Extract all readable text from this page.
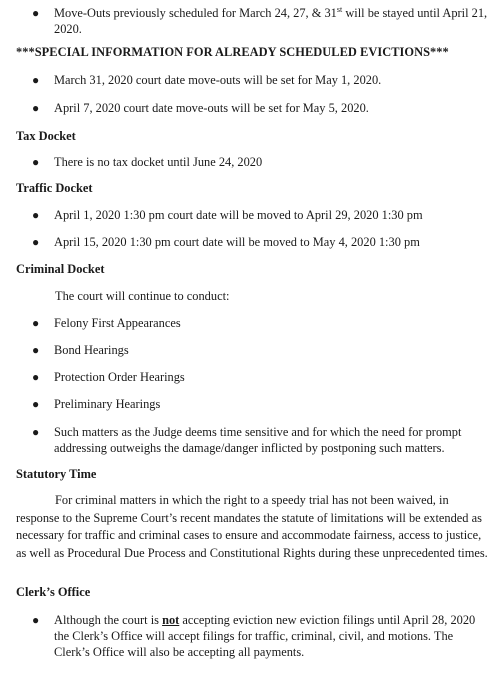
● Move-Outs previously scheduled for March 24, 27, & 31st will be stayed until April 21, 2020.

***SPECIAL INFORMATION FOR ALREADY SCHEDULED EVICTIONS***

● March 31, 2020 court date move-outs will be set for May 1, 2020.
● April 7, 2020 court date move-outs will be set for May 5, 2020.

Tax Docket

● There is no tax docket until June 24, 2020

Traffic Docket

● April 1, 2020 1:30 pm court date will be moved to April 29, 2020 1:30 pm
● April 15, 2020 1:30 pm court date will be moved to May 4, 2020 1:30 pm

Criminal Docket

The court will continue to conduct:

● Felony First Appearances
● Bond Hearings
● Protection Order Hearings
● Preliminary Hearings
● Such matters as the Judge deems time sensitive and for which the need for prompt addressing outweighs the damage/danger inflicted by postponing such matters.

Statutory Time

For criminal matters in which the right to a speedy trial has not been waived, in response to the Supreme Court’s recent mandates the statute of limitations will be extended as necessary for traffic and criminal cases to ensure and accommodate fairness, access to justice, as well as Procedural Due Process and Constitutional Rights during these unprecedented times.

Clerk’s Office

● Although the court is not accepting eviction new eviction filings until April 28, 2020 the Clerk’s Office will accept filings for traffic, criminal, civil, and motions. The Clerk’s Office will also be accepting all payments.
